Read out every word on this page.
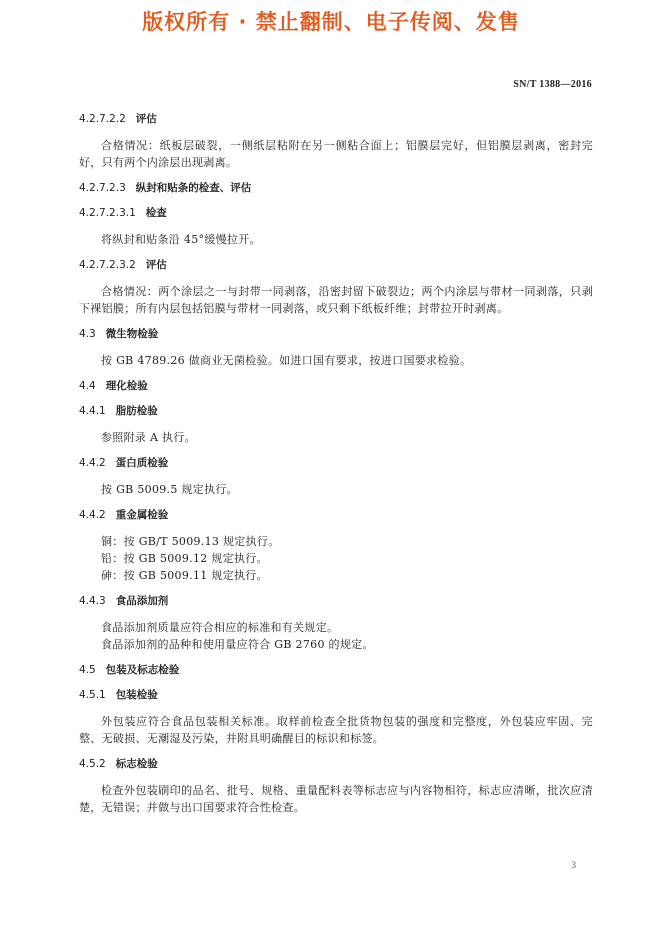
版权所有 · 禁止翻制、电子传阅、发售
SN/T 1388—2016
4.2.7.2.2 评估
合格情况：纸板层破裂，一侧纸层粘附在另一侧粘合面上；铝膜层完好，但铝膜层剥离，密封完好，只有两个内涂层出现剥离。
4.2.7.2.3 纵封和贴条的检查、评估
4.2.7.2.3.1 检查
将纵封和贴条沿 45°缓慢拉开。
4.2.7.2.3.2 评估
合格情况：两个涂层之一与封带一同剥落，沿密封留下破裂边；两个内涂层与带材一同剥落，只剥下裸铝膜；所有内层包括铝膜与带材一同剥落，或只剩下纸板纤维；封带拉开时剥离。
4.3 微生物检验
按 GB 4789.26 做商业无菌检验。如进口国有要求，按进口国要求检验。
4.4 理化检验
4.4.1 脂肪检验
参照附录 A 执行。
4.4.2 蛋白质检验
按 GB 5009.5 规定执行。
4.4.2 重金属检验
铜：按 GB/T 5009.13 规定执行。
铅：按 GB 5009.12 规定执行。
砷：按 GB 5009.11 规定执行。
4.4.3 食品添加剂
食品添加剂质量应符合相应的标准和有关规定。
食品添加剂的品种和使用量应符合 GB 2760 的规定。
4.5 包装及标志检验
4.5.1 包装检验
外包装应符合食品包装相关标准。取样前检查全批货物包装的强度和完整度，外包装应牢固、完整、无破损、无潮湿及污染，并附具明确醒目的标识和标签。
4.5.2 标志检验
检查外包装刷印的品名、批号、规格、重量配料表等标志应与内容物相符，标志应清晰，批次应清楚，无错误；并做与出口国要求符合性检查。
3
